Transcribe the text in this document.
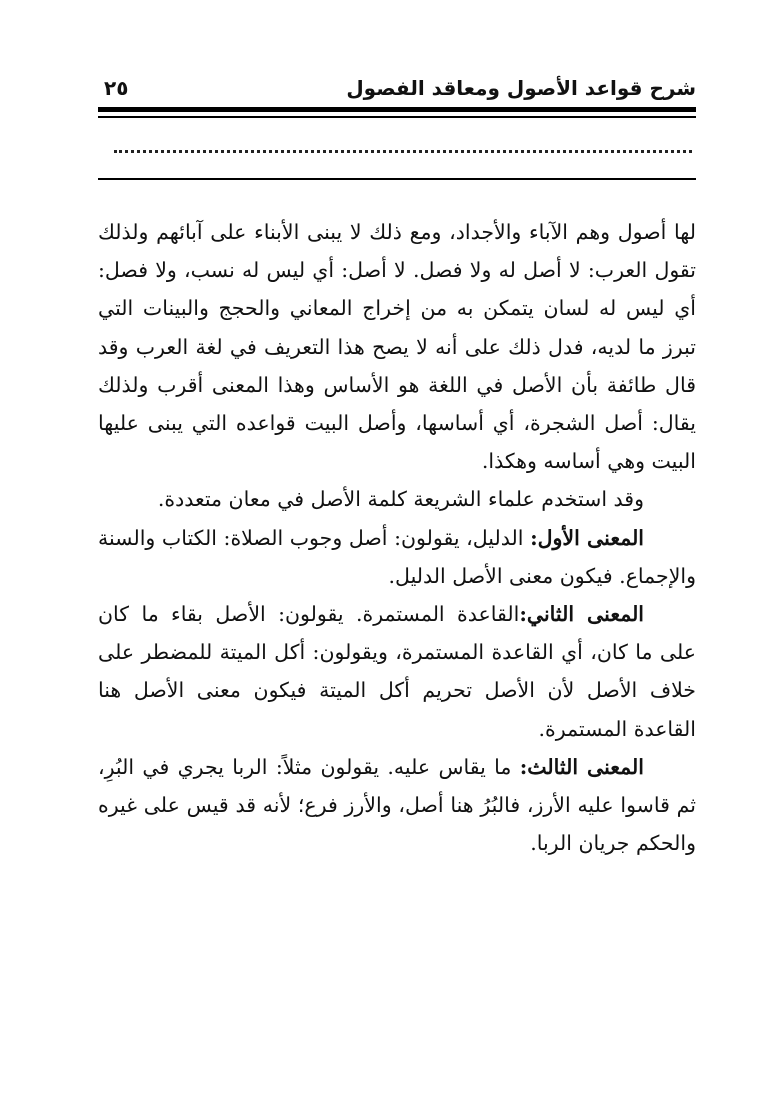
شرح قواعد الأصول ومعاقد الفصول
٢٥

لها أصول وهم الآباء والأجداد، ومع ذلك لا يبنى الأبناء على آبائهم ولذلك تقول العرب: لا أصل له ولا فصل. لا أصل: أي ليس له نسب، ولا فصل: أي ليس له لسان يتمكن به من إخراج المعاني والحجج والبينات التي تبرز ما لديه، فدل ذلك على أنه لا يصح هذا التعريف في لغة العرب وقد قال طائفة بأن الأصل في اللغة هو الأساس وهذا المعنى أقرب ولذلك يقال: أصل الشجرة، أي أساسها، وأصل البيت قواعده التي يبنى عليها البيت وهي أساسه وهكذا.

وقد استخدم علماء الشريعة كلمة الأصل في معان متعددة.

المعنى الأول: الدليل، يقولون: أصل وجوب الصلاة: الكتاب والسنة والإجماع. فيكون معنى الأصل الدليل.

المعنى الثاني:القاعدة المستمرة. يقولون: الأصل بقاء ما كان على ما كان، أي القاعدة المستمرة، ويقولون: أكل الميتة للمضطر على خلاف الأصل لأن الأصل تحريم أكل الميتة فيكون معنى الأصل هنا القاعدة المستمرة.

المعنى الثالث: ما يقاس عليه. يقولون مثلاً: الربا يجري في البُرِ، ثم قاسوا عليه الأرز، فالبُرُ هنا أصل، والأرز فرع؛ لأنه قد قيس على غيره والحكم جريان الربا.
